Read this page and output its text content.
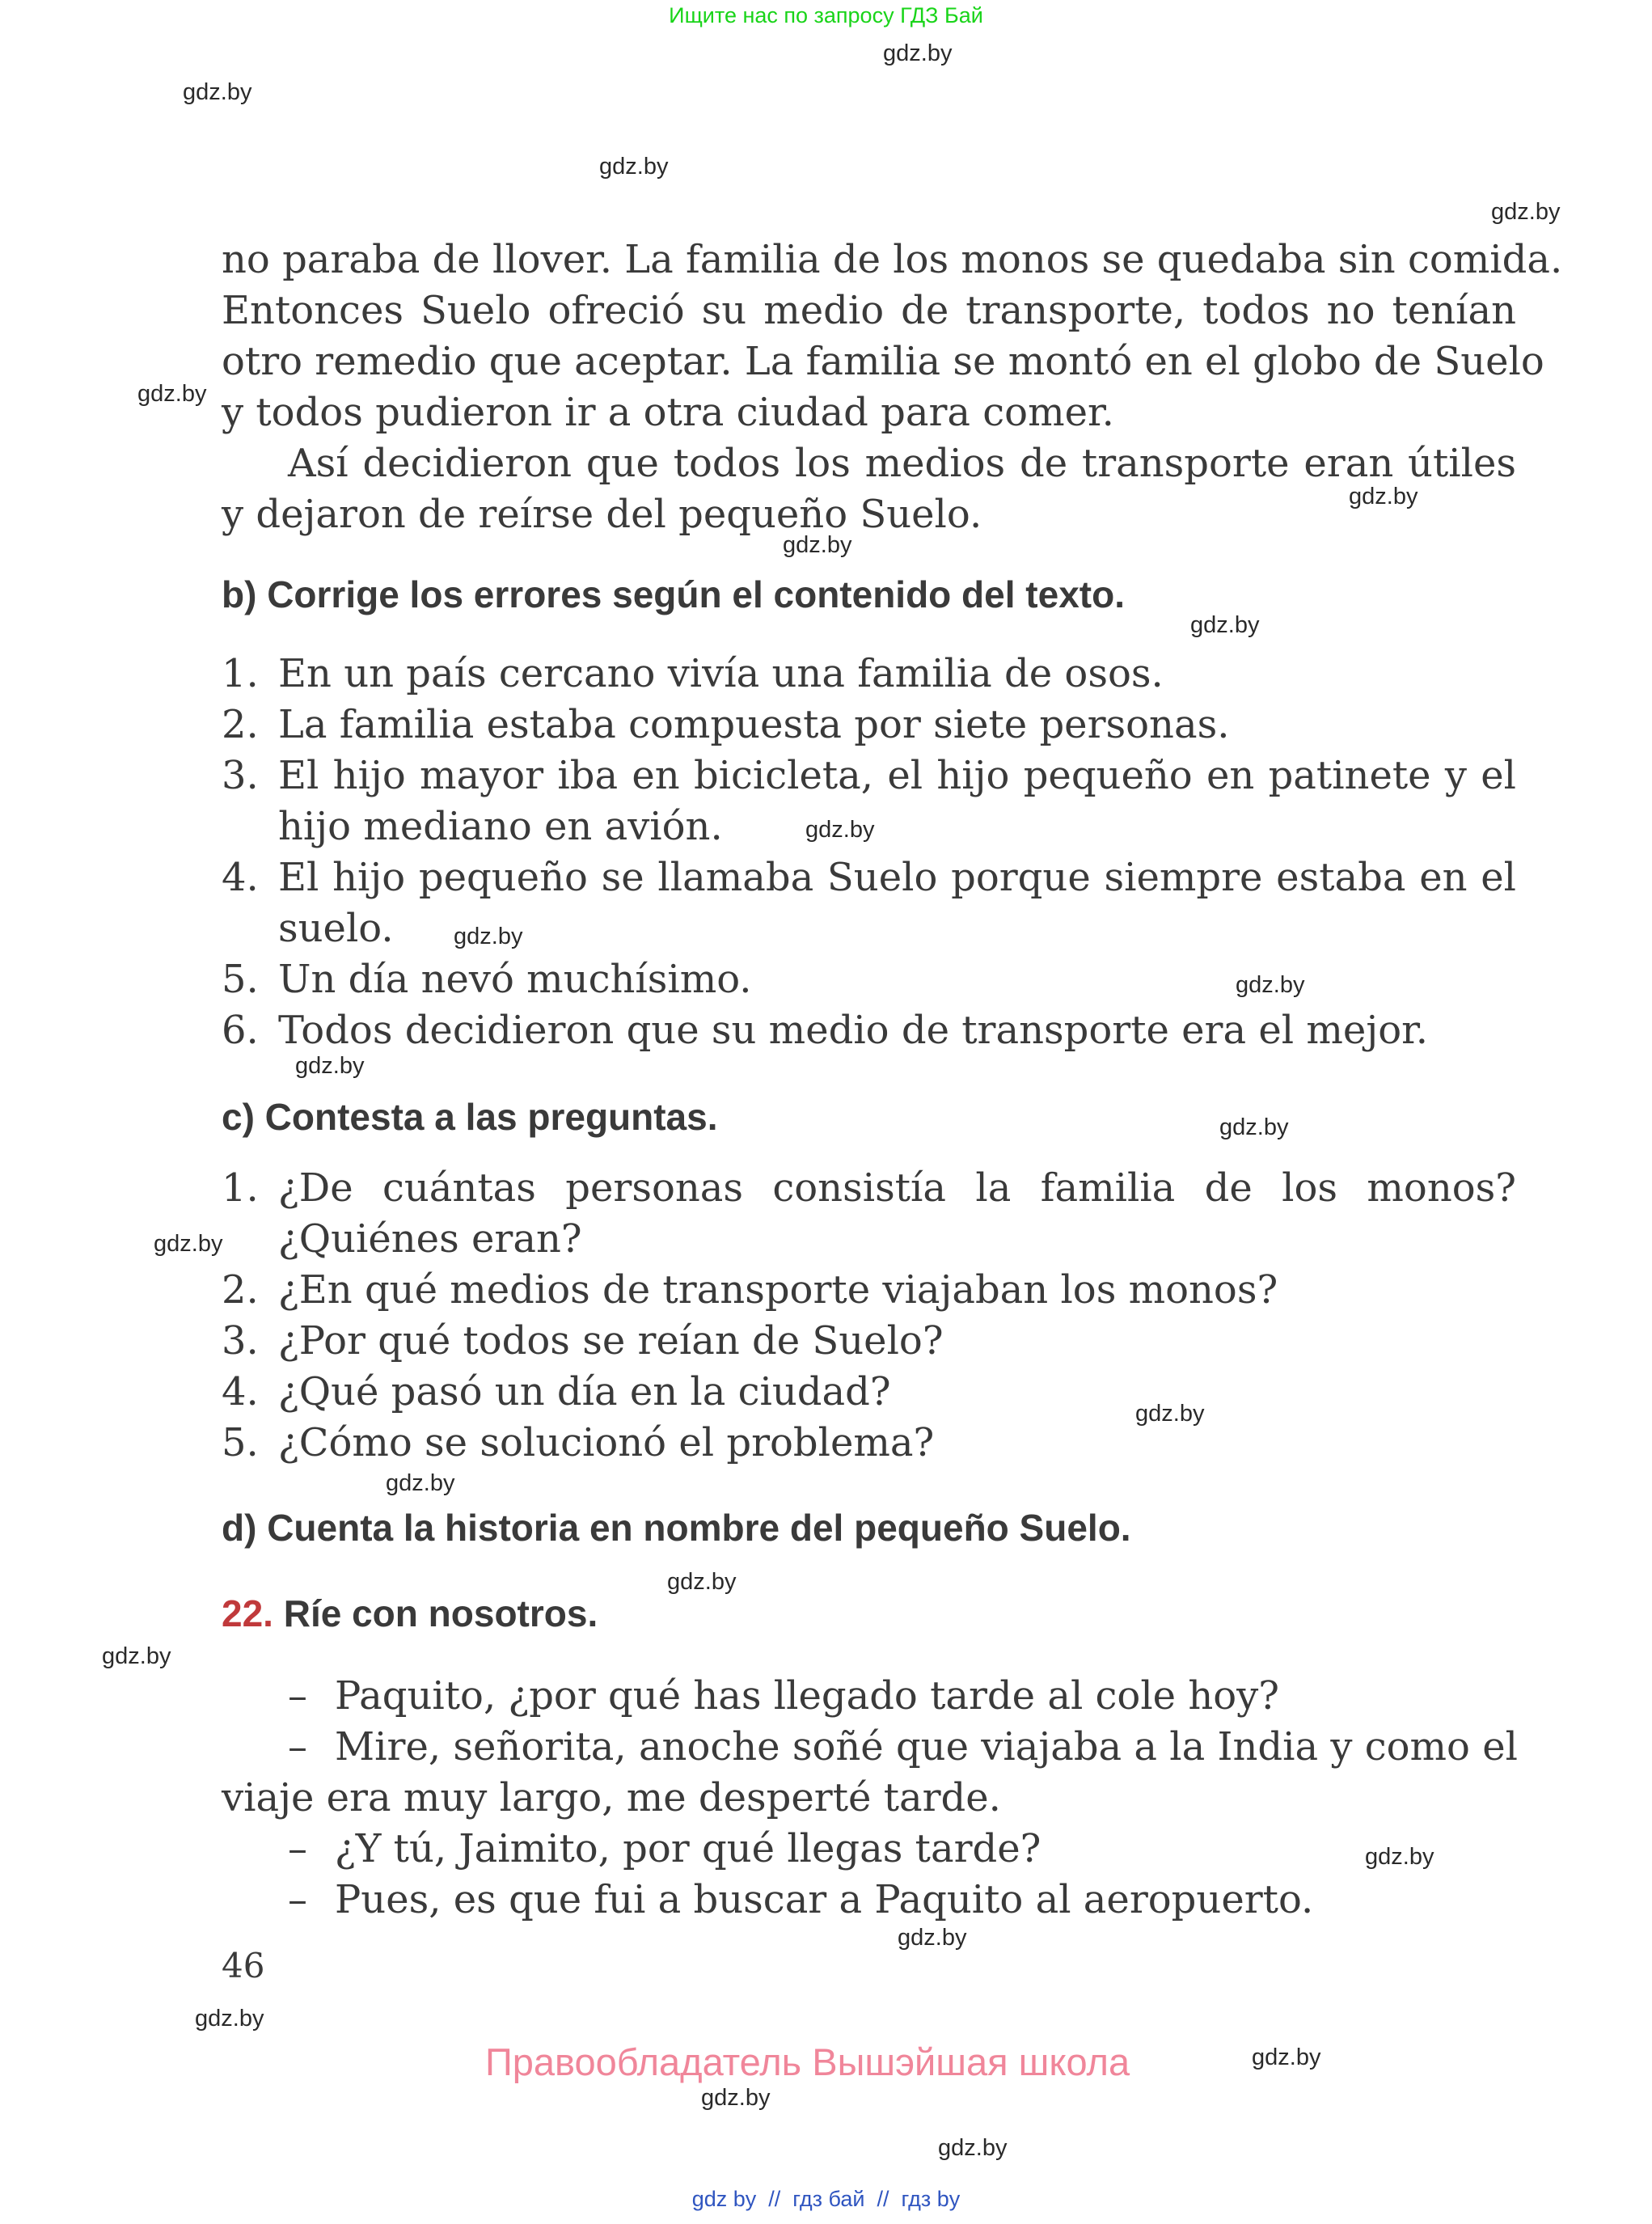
Ищите нас по запросу ГДЗ Бай
gdz.by
gdz.by
gdz.by
gdz.by
gdz.by
gdz.by
gdz.by
gdz.by
gdz.by
gdz.by
gdz.by
gdz.by
gdz.by
gdz.by
gdz.by
gdz.by
gdz.by
gdz.by
gdz.by
gdz.by
gdz.by
gdz.by
gdz.by
gdz.by
no paraba de llover. La familia de los monos se quedaba sin comida.
Entonces Suelo ofreció su medio de transporte, todos no tenían
otro remedio que aceptar. La familia se montó en el globo de Suelo
y todos pudieron ir a otra ciudad para comer.
Así decidieron que todos los medios de transporte eran útiles
y dejaron de reírse del pequeño Suelo.
b) Corrige los errores según el contenido del texto.
1. En un país cercano vivía una familia de osos.
2. La familia estaba compuesta por siete personas.
3. El hijo mayor iba en bicicleta, el hijo pequeño en patinete y el
hijo mediano en avión.
4. El hijo pequeño se llamaba Suelo porque siempre estaba en el
suelo.
5. Un día nevó muchísimo.
6. Todos decidieron que su medio de transporte era el mejor.
c) Contesta a las preguntas.
1. ¿De cuántas personas consistía la familia de los monos?
¿Quiénes eran?
2. ¿En qué medios de transporte viajaban los monos?
3. ¿Por qué todos se reían de Suelo?
4. ¿Qué pasó un día en la ciudad?
5. ¿Cómo se solucionó el problema?
d) Cuenta la historia en nombre del pequeño Suelo.
22. Ríe con nosotros.
– Paquito, ¿por qué has llegado tarde al cole hoy?
– Mire, señorita, anoche soñé que viajaba a la India y como el
viaje era muy largo, me desperté tarde.
– ¿Y tú, Jaimito, por qué llegas tarde?
– Pues, es que fui a buscar a Paquito al aeropuerto.
46
Правообладатель Вышэйшая школа
gdz by  //  гдз бай  //  гдз by
